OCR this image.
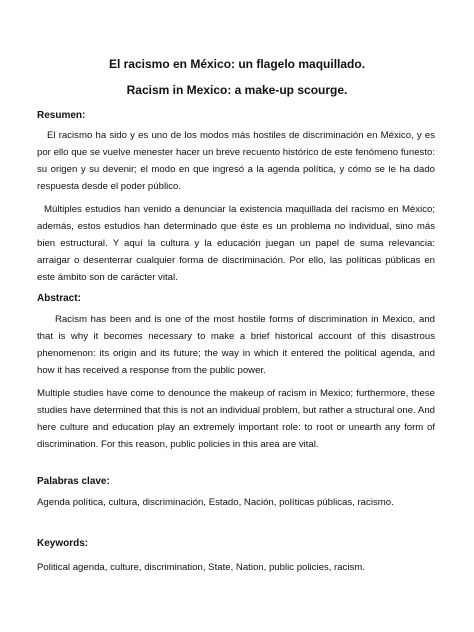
El racismo en México: un flagelo maquillado.
Racism in Mexico: a make-up scourge.
Resumen:

El racismo ha sido y es uno de los modos más hostiles de discriminación en México, y es por ello que se vuelve menester hacer un breve recuento histórico de este fenómeno funesto: su origen y su devenir; el modo en que ingresó a la agenda política, y cómo se le ha dado respuesta desde el poder público.

Múltiples estudios han venido a denunciar la existencia maquillada del racismo en México; además, estos estudios han determinado que éste es un problema no individual, sino más bien estructural. Y aquí la cultura y la educación juegan un papel de suma relevancia: arraigar o desenterrar cualquier forma de discriminación. Por ello, las políticas públicas en este ámbito son de carácter vital.

Abstract:

Racism has been and is one of the most hostile forms of discrimination in Mexico, and that is why it becomes necessary to make a brief historical account of this disastrous phenomenon: its origin and its future; the way in which it entered the political agenda, and how it has received a response from the public power.

Multiple studies have come to denounce the makeup of racism in Mexico; furthermore, these studies have determined that this is not an individual problem, but rather a structural one. And here culture and education play an extremely important role: to root or unearth any form of discrimination. For this reason, public policies in this area are vital.

Palabras clave:

Agenda política, cultura, discriminación, Estado, Nación, políticas públicas, racismo.

Keywords:

Political agenda, culture, discrimination, State, Nation, public policies, racism.
